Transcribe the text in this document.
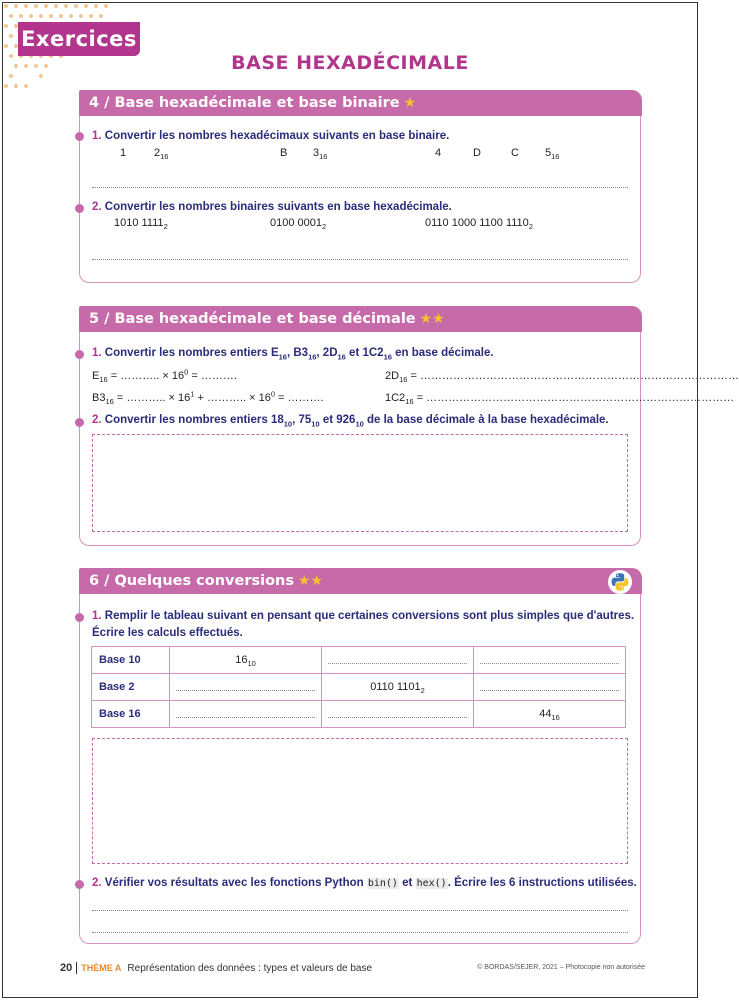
Exercices
BASE HEXADÉCIMALE
4 / Base hexadécimale et base binaire ★
1. Convertir les nombres hexadécimaux suivants en base binaire.
1	$2_{16}$	B $3_{16}$	4	D	C $5_{16}$
2. Convertir les nombres binaires suivants en base hexadécimale.
1010 $1111_2$	0100 $0001_2$	0110 1000 1100 $1110_2$
5 / Base hexadécimale et base décimale ★★
1. Convertir les nombres entiers $E_{16}$, $B3_{16}$, $2D_{16}$ et $1C2_{16}$ en base décimale.
$E_{16}$ = ……….. × $16^0$ = ……….	$2D_{16}$ = ……………………………………………………………………………
$B3_{16}$ = ……….. × $16^1$ + ……….. × $16^0$ = ……….	$1C2_{16}$ = …………………………………………………………………………
2. Convertir les nombres entiers $18_{10}$, $75_{10}$ et $926_{10}$ de la base décimale à la base hexadécimale.
6 / Quelques conversions ★★
1. Remplir le tableau suivant en pensant que certaines conversions sont plus simples que d'autres.
Écrire les calculs effectués.
Base 10	$16_{10}$	

Base 2		0110 $1101_2$	

Base 16			$44_{16}$
2. Vérifier vos résultats avec les fonctions Python bin() et hex(). Écrire les 6 instructions utilisées.
20 THÈME A Représentation des données : types et valeurs de base	© BORDAS/SEJER, 2021 – Photocopie non autorisée
